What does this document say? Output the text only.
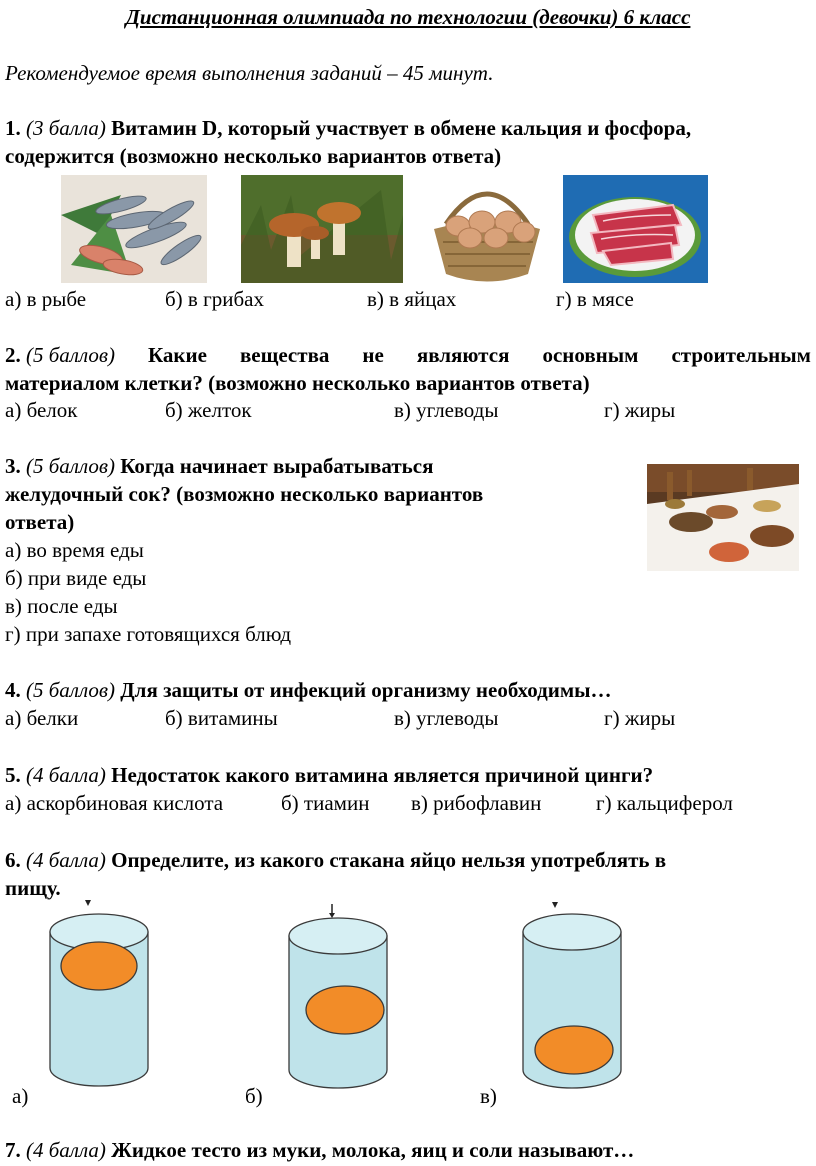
Дистанционная олимпиада по технологии (девочки) 6 класс
Рекомендуемое время выполнения заданий – 45 минут.
1. (3 балла) Витамин D, который участвует в обмене кальция и фосфора,
содержится (возможно несколько вариантов ответа)
а) в рыбе	б) в грибах	в) в яйцах	г) в мясе
2. (5 баллов) Какие вещества не являются основным строительным
материалом клетки? (возможно несколько вариантов ответа)
а) белок	б) желток	в) углеводы	г) жиры
3. (5 баллов) Когда начинает вырабатываться
желудочный сок? (возможно несколько вариантов
ответа)
а) во время еды
б) при виде еды
в) после еды
г) при запахе готовящихся блюд
4. (5 баллов) Для защиты от инфекций организму необходимы…
а) белки	б) витамины	в) углеводы	г) жиры
5. (4 балла) Недостаток какого витамина является причиной цинги?
а) аскорбиновая кислота	б) тиамин в) рибофлавин	г) кальциферол
6. (4 балла) Определите, из какого стакана яйцо нельзя употреблять в
пищу.
а)	б)	в)
7. (4 балла) Жидкое тесто из муки, молока, яиц и соли называют…
